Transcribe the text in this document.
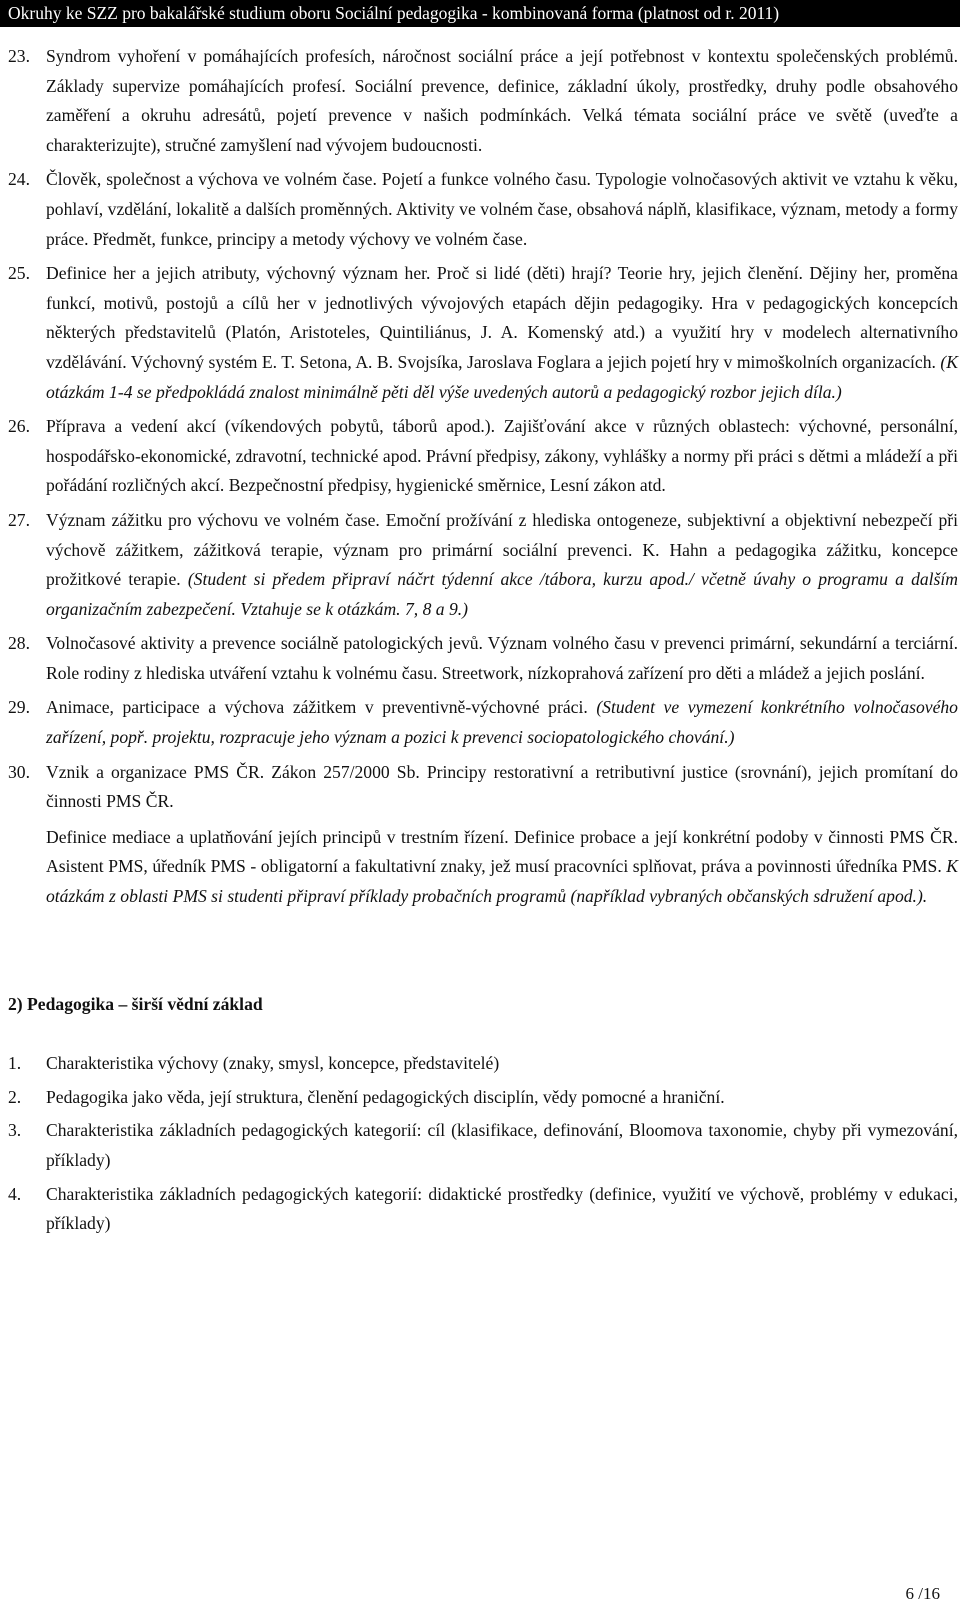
Okruhy ke SZZ pro bakalářské studium oboru Sociální pedagogika - kombinovaná forma (platnost od r. 2011)
23. Syndrom vyhoření v pomáhajících profesích, náročnost sociální práce a její potřebnost v kontextu společenských problémů. Základy supervize pomáhajících profesí. Sociální prevence, definice, základní úkoly, prostředky, druhy podle obsahového zaměření a okruhu adresátů, pojetí prevence v našich podmínkách. Velká témata sociální práce ve světě (uveďte a charakterizujte), stručné zamyšlení nad vývojem budoucnosti.
24. Člověk, společnost a výchova ve volném čase. Pojetí a funkce volného času. Typologie volnočasových aktivit ve vztahu k věku, pohlaví, vzdělání, lokalitě a dalších proměnných. Aktivity ve volném čase, obsahová náplň, klasifikace, význam, metody a formy práce. Předmět, funkce, principy a metody výchovy ve volném čase.
25. Definice her a jejich atributy, výchovný význam her. Proč si lidé (děti) hrají? Teorie hry, jejich členění. Dějiny her, proměna funkcí, motivů, postojů a cílů her v jednotlivých vývojových etapách dějin pedagogiky. Hra v pedagogických koncepcích některých představitelů (Platón, Aristoteles, Quintiliánus, J. A. Komenský atd.) a využití hry v modelech alternativního vzdělávání. Výchovný systém E. T. Setona, A. B. Svojsíka, Jaroslava Foglara a jejich pojetí hry v mimoškolních organizacích. (K otázkám 1-4 se předpokládá znalost minimálně pěti děl výše uvedených autorů a pedagogický rozbor jejich díla.)
26. Příprava a vedení akcí (víkendových pobytů, táborů apod.). Zajišťování akce v různých oblastech: výchovné, personální, hospodářsko-ekonomické, zdravotní, technické apod. Právní předpisy, zákony, vyhlášky a normy při práci s dětmi a mládeží a při pořádání rozličných akcí. Bezpečnostní předpisy, hygienické směrnice, Lesní zákon atd.
27. Význam zážitku pro výchovu ve volném čase. Emoční prožívání z hlediska ontogeneze, subjektivní a objektivní nebezpečí při výchově zážitkem, zážitková terapie, význam pro primární sociální prevenci. K. Hahn a pedagogika zážitku, koncepce prožitkové terapie. (Student si předem připraví náčrt týdenní akce /tábora, kurzu apod./ včetně úvahy o programu a dalším organizačním zabezpečení. Vztahuje se k otázkám. 7, 8 a 9.)
28. Volnočasové aktivity a prevence sociálně patologických jevů. Význam volného času v prevenci primární, sekundární a terciární. Role rodiny z hlediska utváření vztahu k volnému času. Streetwork, nízkoprahová zařízení pro děti a mládež a jejich poslání.
29. Animace, participace a výchova zážitkem v preventivně-výchovné práci. (Student ve vymezení konkrétního volnočasového zařízení, popř. projektu, rozpracuje jeho význam a pozici k prevenci sociopatologického chování.)
30. Vznik a organizace PMS ČR. Zákon 257/2000 Sb. Principy restorativní a retributivní justice (srovnání), jejich promítaní do činnosti PMS ČR.
Definice mediace a uplatňování jejích principů v trestním řízení. Definice probace a její konkrétní podoby v činnosti PMS ČR. Asistent PMS, úředník PMS - obligatorní a fakultativní znaky, jež musí pracovníci splňovat, práva a povinnosti úředníka PMS. K otázkám z oblasti PMS si studenti připraví příklady probačních programů (například vybraných občanských sdružení apod.).
2) Pedagogika – širší vědní základ
1.	Charakteristika výchovy (znaky, smysl, koncepce, představitelé)
2.	Pedagogika jako věda, její struktura, členění pedagogických disciplín, vědy pomocné a hraniční.
3.	Charakteristika základních pedagogických kategorií: cíl (klasifikace, definování, Bloomova taxonomie, chyby při vymezování, příklady)
4.	Charakteristika základních pedagogických kategorií: didaktické prostředky (definice, využití ve výchově, problémy v edukaci, příklady)
6 /16
